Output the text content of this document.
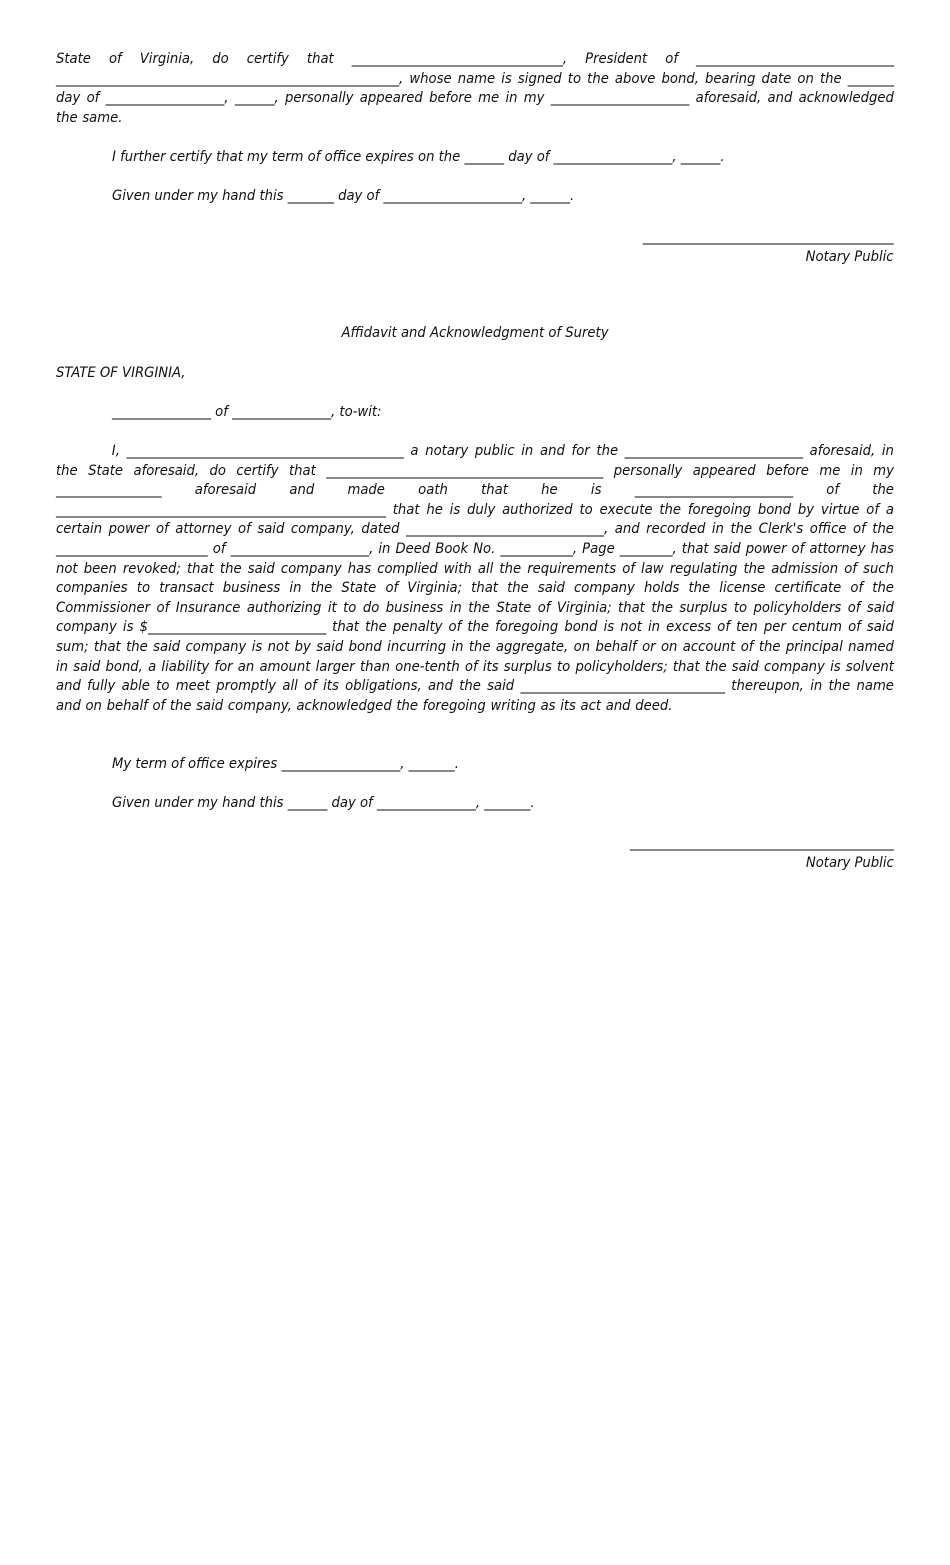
State of Virginia, do certify that ________________________________, President of ______________________________ ____________________________________________________, whose name is signed to the above bond, bearing date on the _______ day of __________________, ______, personally appeared before me in my _____________________ aforesaid, and acknowledged the same.

I further certify that my term of office expires on the ______ day of __________________, ______.

Given under my hand this _______ day of _____________________, ______.

______________________________________
Notary Public

Affidavit and Acknowledgment of Surety

STATE OF VIRGINIA,

_______________ of _______________, to-wit:

I, __________________________________________ a notary public in and for the ___________________________ aforesaid, in the State aforesaid, do certify that __________________________________________ personally appeared before me in my ________________ aforesaid and made oath that he is ________________________ of the __________________________________________________ that he is duly authorized to execute the foregoing bond by virtue of a certain power of attorney of said company, dated ______________________________, and recorded in the Clerk's office of the _______________________ of _____________________, in Deed Book No. ___________, Page ________, that said power of attorney has not been revoked; that the said company has complied with all the requirements of law regulating the admission of such companies to transact business in the State of Virginia; that the said company holds the license certificate of the Commissioner of Insurance authorizing it to do business in the State of Virginia; that the surplus to policyholders of said company is $___________________________ that the penalty of the foregoing bond is not in excess of ten per centum of said sum; that the said company is not by said bond incurring in the aggregate, on behalf or on account of the principal named in said bond, a liability for an amount larger than one-tenth of its surplus to policyholders; that the said company is solvent and fully able to meet promptly all of its obligations, and the said _______________________________ thereupon, in the name and on behalf of the said company, acknowledged the foregoing writing as its act and deed.

My term of office expires __________________, _______.

Given under my hand this ______ day of _______________, _______.

________________________________________
Notary Public
